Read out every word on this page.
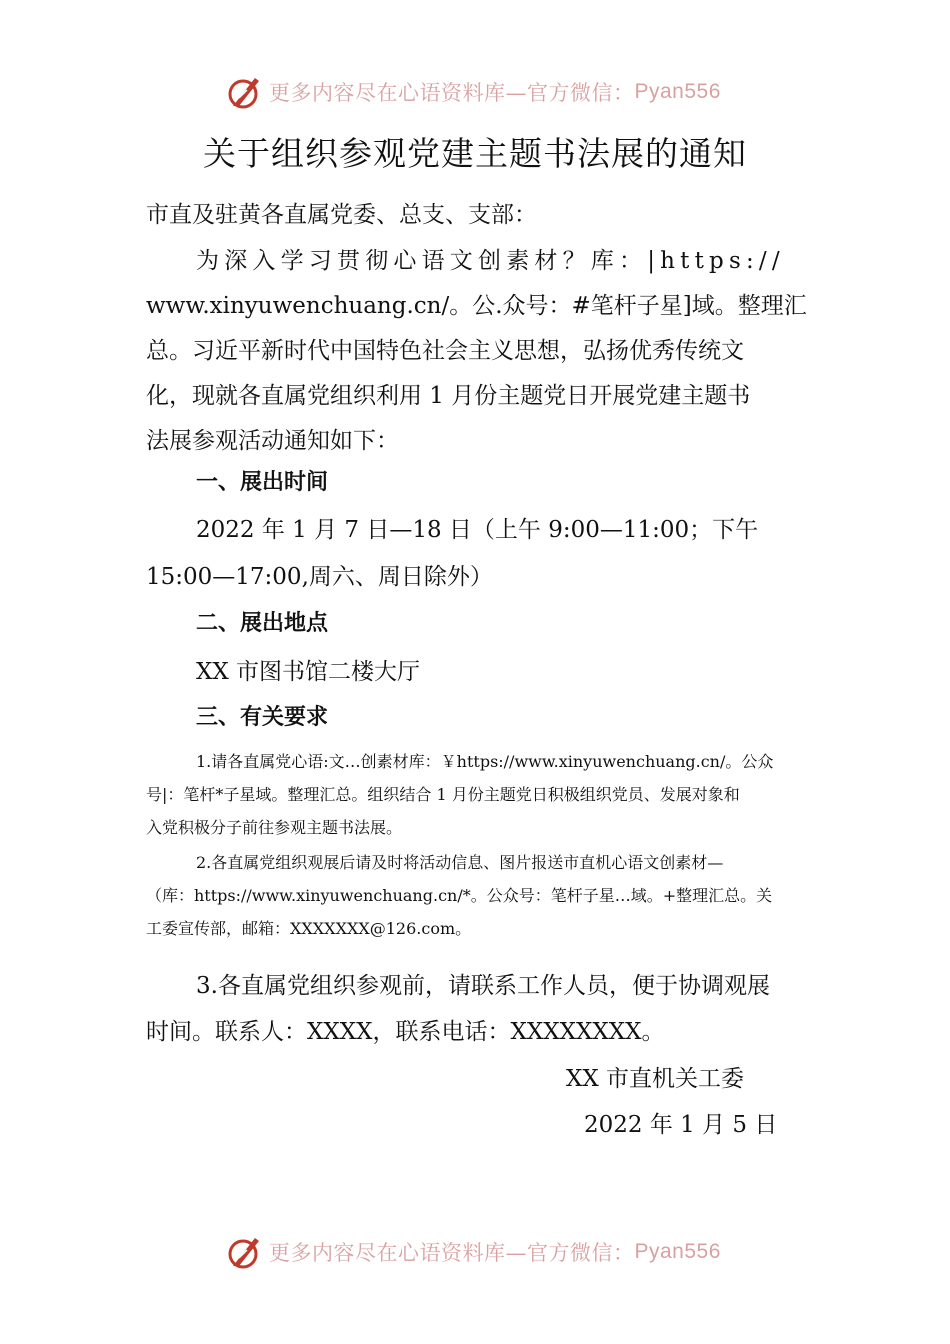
更多内容尽在心语资料库—官方微信： Pyan556
关于组织参观党建主题书法展的通知
市直及驻黄各直属党委、总支、支部：
为深入学习贯彻心语文创素材？库：|https://
www.xinyuwenchuang.cn/。公.众号：#笔杆子星]域。整理汇
总。习近平新时代中国特色社会主义思想，弘扬优秀传统文
化，现就各直属党组织利用 1 月份主题党日开展党建主题书
法展参观活动通知如下：
一、展出时间
2022 年 1 月 7 日—18 日（上午 9:00—11:00；下午
15:00—17:00,周六、周日除外）
二、展出地点
XX 市图书馆二楼大厅
三、有关要求
1.请各直属党心语:文…创素材库：￥https://www.xinyuwenchuang.cn/。公众
号|：笔杆*子星域。整理汇总。组织结合 1 月份主题党日积极组织党员、发展对象和
入党积极分子前往参观主题书法展。
2.各直属党组织观展后请及时将活动信息、图片报送市直机心语文创素材—
（库：https://www.xinyuwenchuang.cn/*。公众号：笔杆子星…域。+整理汇总。关
工委宣传部，邮箱：XXXXXXX@126.com。
3.各直属党组织参观前，请联系工作人员，便于协调观展
时间。联系人：XXXX，联系电话：XXXXXXXX。
XX 市直机关工委
2022 年 1 月 5 日
更多内容尽在心语资料库—官方微信： Pyan556
